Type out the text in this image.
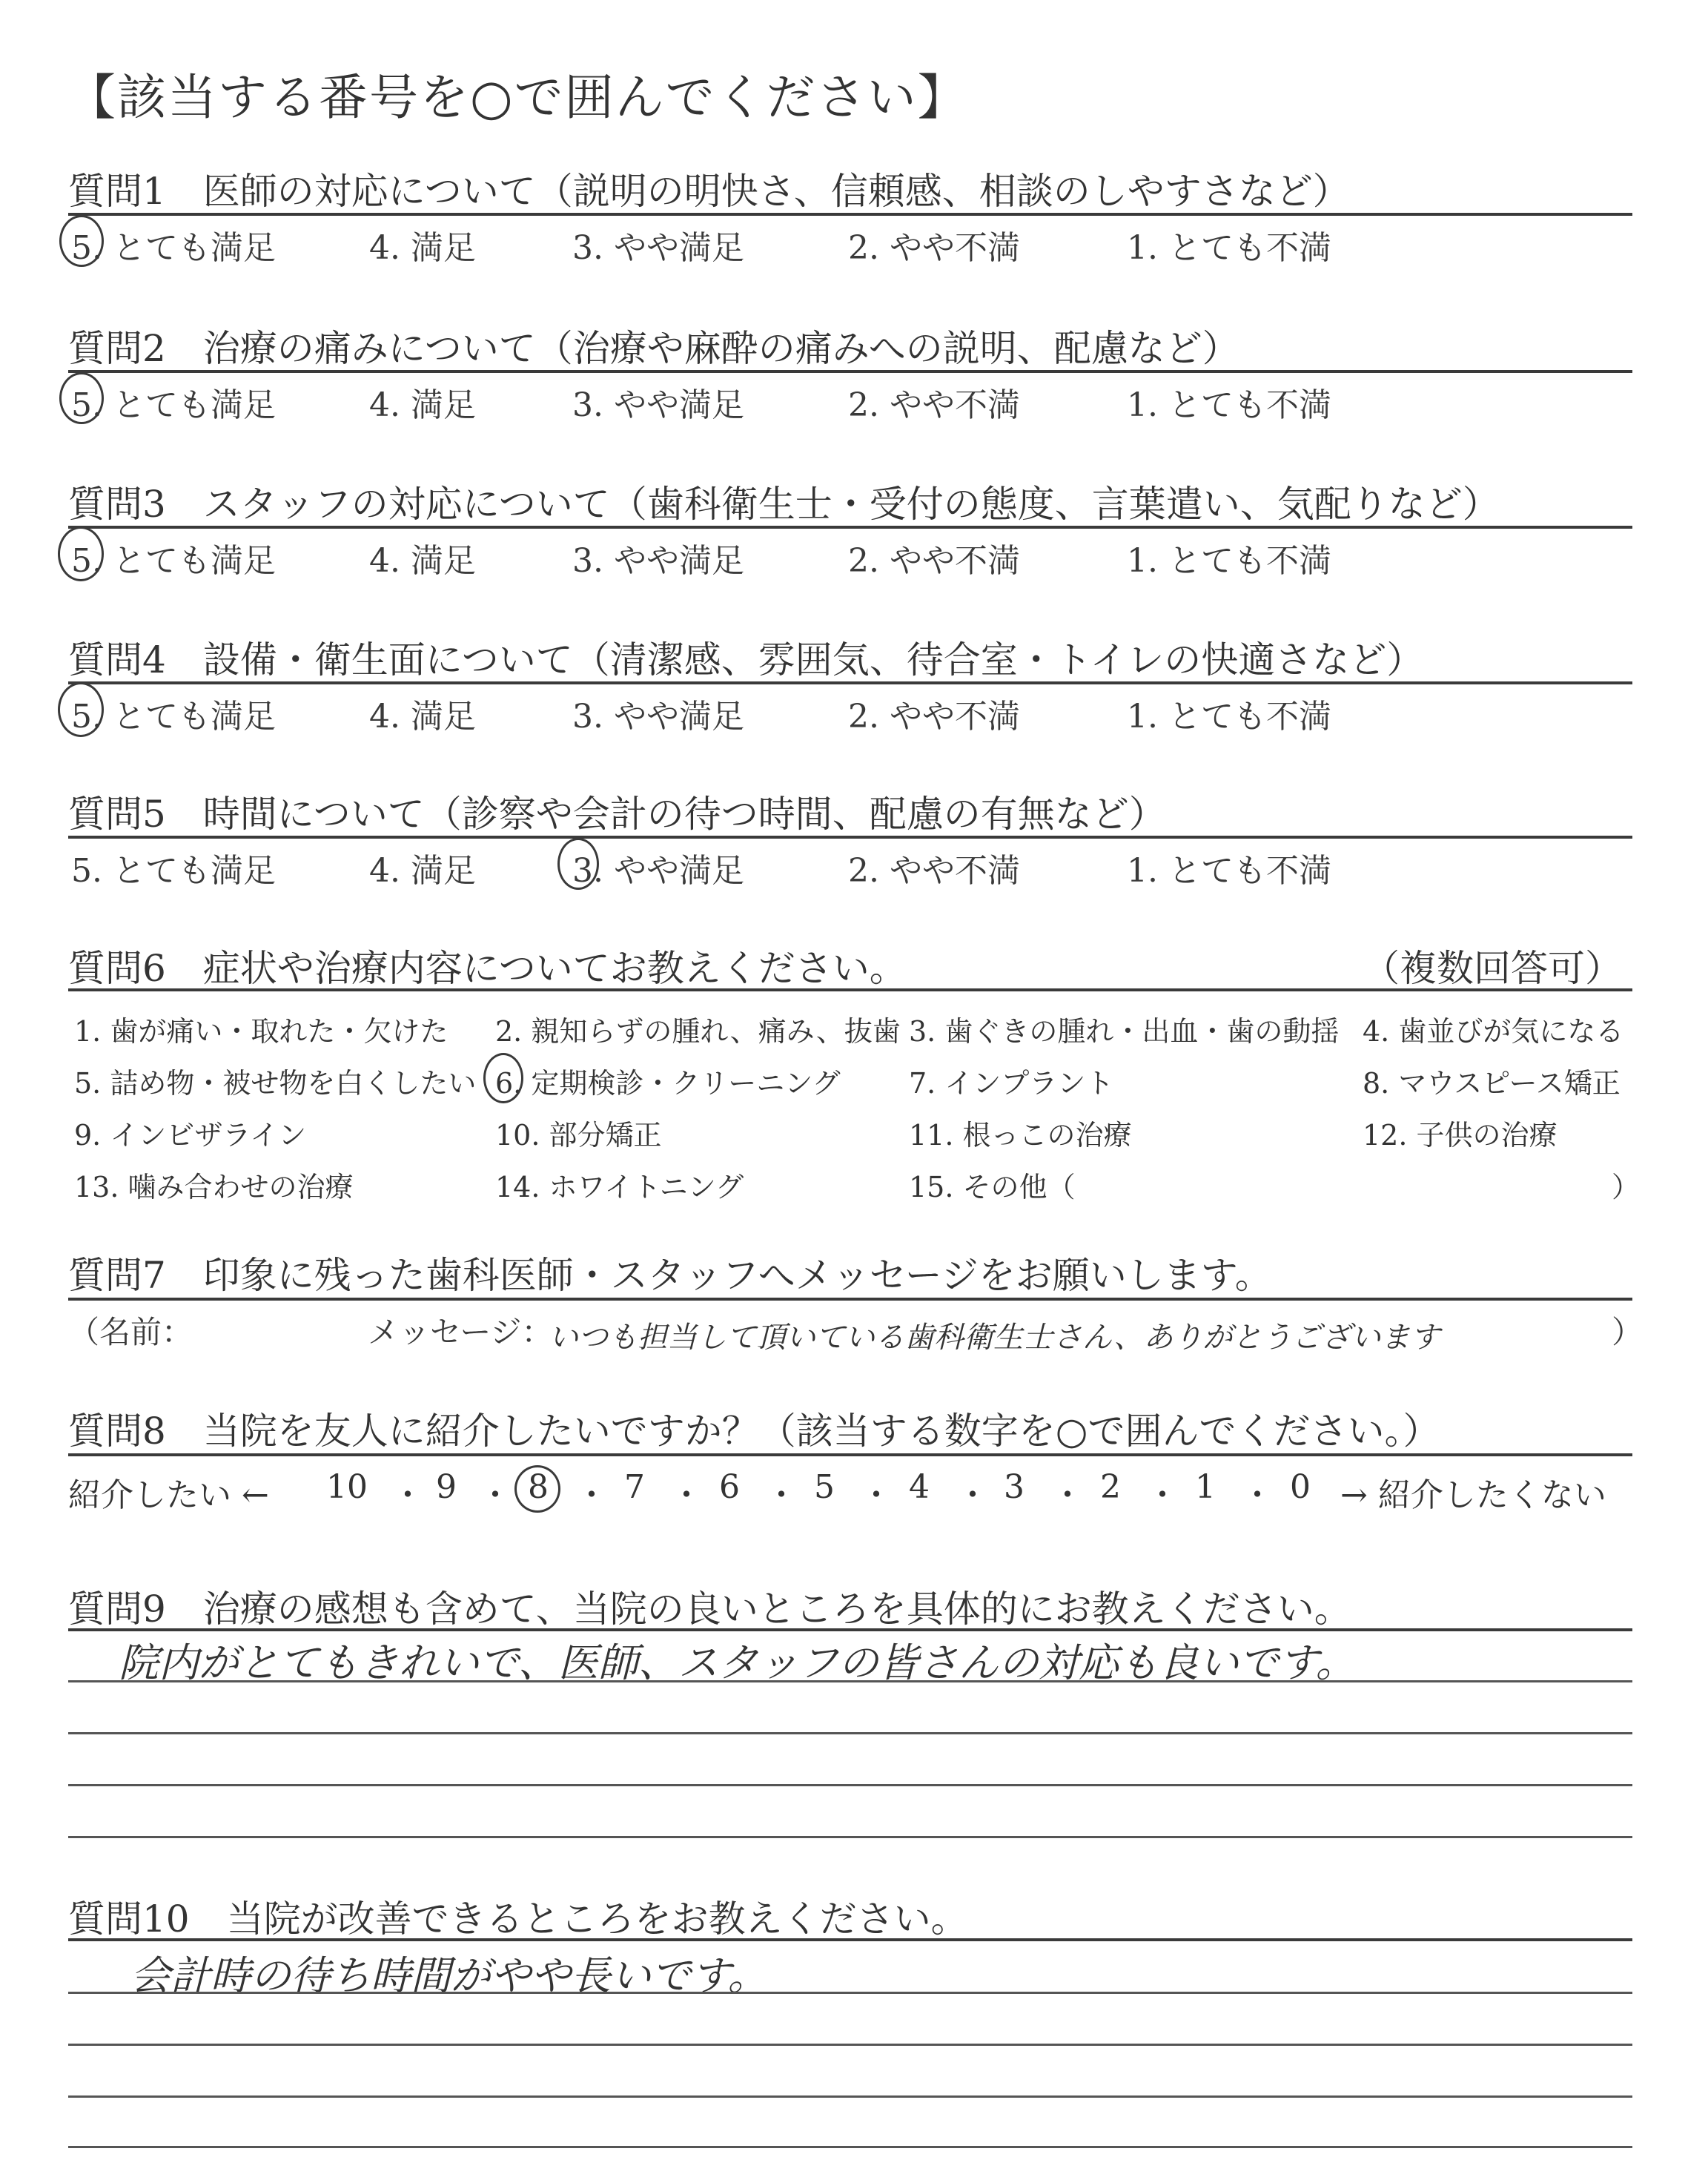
【該当する番号を○で囲んでください】
質問1　医師の対応について（説明の明快さ、信頼感、相談のしやすさなど）
5. とても満足	4. 満足	3. やや満足	2. やや不満	1. とても不満
質問2　治療の痛みについて（治療や麻酔の痛みへの説明、配慮など）
5. とても満足	4. 満足	3. やや満足	2. やや不満	1. とても不満
質問3　スタッフの対応について（歯科衛生士・受付の態度、言葉遣い、気配りなど）
5. とても満足	4. 満足	3. やや満足	2. やや不満	1. とても不満
質問4　設備・衛生面について（清潔感、雰囲気、待合室・トイレの快適さなど）
5. とても満足	4. 満足	3. やや満足	2. やや不満	1. とても不満
質問5　時間について（診察や会計の待つ時間、配慮の有無など）
5. とても満足	4. 満足	3. やや満足	2. やや不満	1. とても不満
質問6　症状や治療内容についてお教えください。	（複数回答可）
1. 歯が痛い・取れた・欠けた 2. 親知らずの腫れ、痛み、抜歯 3. 歯ぐきの腫れ・出血・歯の動揺 4. 歯並びが気になる
5. 詰め物・被せ物を白くしたい 6. 定期検診・クリーニング 7. インプラント	8. マウスピース矯正
9. インビザライン	10. 部分矯正	11. 根っこの治療	12. 子供の治療
13. 噛み合わせの治療	14. ホワイトニング	15. その他（	）
質問7　印象に残った歯科医師・スタッフへメッセージをお願いします。
（名前：	メッセージ：
いつも担当して頂いている歯科衛生士さん、ありがとうございます	）
質問8　当院を友人に紹介したいですか？（該当する数字を○で囲んでください。）
紹介したい ← 10 ・ 9 ・ 8 ・ 7 ・ 6 ・ 5 ・ 4 ・ 3 ・ 2 ・ 1 ・ 0 → 紹介したくない
質問9　治療の感想も含めて、当院の良いところを具体的にお教えください。
院内がとてもきれいで、医師、スタッフの皆さんの対応も良いです。
質問10　当院が改善できるところをお教えください。
会計時の待ち時間がやや長いです。
